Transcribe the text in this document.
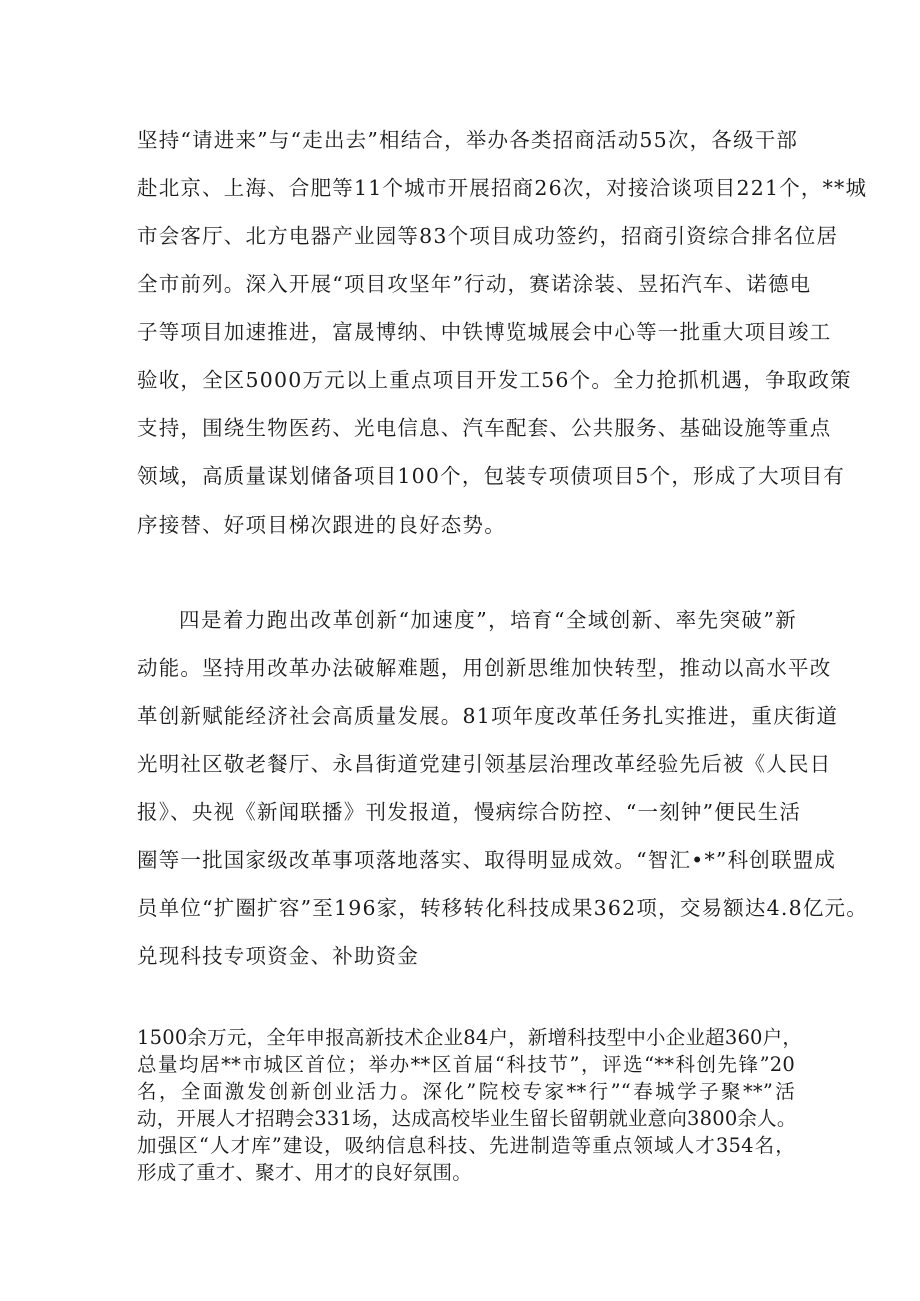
坚持“请进来”与“走出去”相结合，举办各类招商活动55次，各级干部
赴北京、上海、合肥等11个城市开展招商26次，对接洽谈项目221个，**城
市会客厅、北方电器产业园等83个项目成功签约，招商引资综合排名位居
全市前列。深入开展“项目攻坚年”行动，赛诺涂装、昱拓汽车、诺德电
子等项目加速推进，富晟博纳、中铁博览城展会中心等一批重大项目竣工
验收，全区5000万元以上重点项目开发工56个。全力抢抓机遇，争取政策
支持，围绕生物医药、光电信息、汽车配套、公共服务、基础设施等重点
领域，高质量谋划储备项目100个，包装专项债项目5个，形成了大项目有
序接替、好项目梯次跟进的良好态势。
四是着力跑出改革创新“加速度”，培育“全域创新、率先突破”新
动能。坚持用改革办法破解难题，用创新思维加快转型，推动以高水平改
革创新赋能经济社会高质量发展。81项年度改革任务扎实推进，重庆街道
光明社区敬老餐厅、永昌街道党建引领基层治理改革经验先后被《人民日
报》、央视《新闻联播》刊发报道，慢病综合防控、“一刻钟”便民生活
圈等一批国家级改革事项落地落实、取得明显成效。“智汇•*”科创联盟成
员单位“扩圈扩容”至196家，转移转化科技成果362项，交易额达4.8亿元。
兑现科技专项资金、补助资金
1500余万元，全年申报高新技术企业84户，新增科技型中小企业超360户，
总量均居**市城区首位；举办**区首届“科技节”，评选“**科创先锋”20
名，全面激发创新创业活力。深化”院校专家**行”“春城学子聚**”活
动，开展人才招聘会331场，达成高校毕业生留长留朝就业意向3800余人。
加强区“人才库”建设，吸纳信息科技、先进制造等重点领域人才354名，
形成了重才、聚才、用才的良好氛围。
